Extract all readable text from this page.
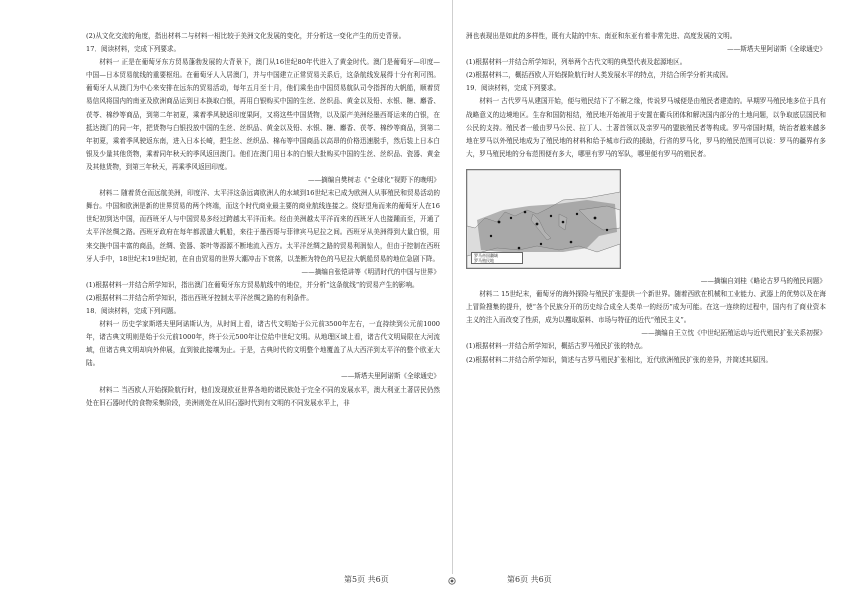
(2)从文化交流的角度，指出材料二与材料一相比较于美洲文化发展的变化，并分析这一变化产生的历史背景。

17．阅读材料，完成下列要求。

材料一 正是在葡萄牙东方贸易蓬勃发展的大背景下，澳门从16世纪80年代进入了黄金时代。澳门是葡萄牙—印度—中国—日本贸易航线的重要枢纽。在葡萄牙人入居澳门，并与中国建立正常贸易关系后，这条航线发展得十分有利可图。葡萄牙人从澳门为中心来安排在远东的贸易活动，每年五月至十月，他们乘坐由中国贸易航队司令指挥的大帆船，顺着贸易信风将国内的南亚及欧洲商品运到日本换取白银，再用白银购买中国的生丝、丝织品、黄金以及铅、水银、糖、麝香、茯苓、棉纱等商品，到第二年初夏，乘着季风驶返印度果阿，又将这些中国货物，以及原产美洲经墨西哥运来的白银，在抵达澳门的同一年，把货物与白银投放中国的生丝、丝织品、黄金以及铅、水银、糖、麝香、茯苓、棉纱等商品，到第二年初夏，乘着季风驶返东南，进入日本长崎，把生丝、丝织品、棉布等中国商品以高昂的价格迅速脱手，然后装上日本白银及少量其他货物，乘着同年秋天的季风返回澳门。他们在澳门用日本的白银大批购买中国的生丝、丝织品、瓷器、黄金及其他货物，到第三年秋天，再乘季风返回印度。

——摘编自樊树志《“全球化”视野下的晚明》

材料二 随着货仓而远航美洲，印度洋、太平洋这条远离欧洲人的水域到16世纪末已成为欧洲人从事殖民和贸易活动的舞台。中国和欧洲是新的世界贸易的两个终端，而这个时代商业最主要的商业航线连接之。绕好望角而来的葡萄牙人在16世纪初到达中国，而西班牙人与中国贸易多经过跨越太平洋而来。经由美洲越太平洋而来的西班牙人也接踵而至，开通了太平洋丝绸之路。西班牙政府在每年都派遣大帆船，来往于墨西哥与菲律宾马尼拉之间。西班牙从美洲得到大量白银，用来交换中国丰富的商品，丝绸、瓷器、茶叶等源源不断地流入西方。太平洋丝绸之路的贸易利润惊人，但由于控制在西班牙人手中，18世纪末19世纪初，在自由贸易的世界大潮冲击下衰落，以垄断为特色的马尼拉大帆船贸易的地位急剧下降。

——摘编自张铠讲等《明清时代的中国与世界》

(1)根据材料一并结合所学知识，指出澳门在葡萄牙东方贸易航线中的地位，并分析“这条航线”的贸易产生的影响。

(2)根据材料二并结合所学知识，指出西班牙控制太平洋丝绸之路的有利条件。

18．阅读材料，完成下列问题。

材料一 历史学家斯塔夫里阿诺斯认为，从时间上看，诸古代文明始于公元前3500年左右，一直持续到公元前1000年，诸古典文明则是始于公元前1000年，终于公元500年让位给中世纪文明。从地理区域上看，诸古代文明局限在大河流域，但诸古典文明却向外伸展，直到彼此接壤为止。于是，古典时代的文明整个地覆盖了从大西洋到太平洋的整个欧亚大陆。

——斯塔夫里阿诺斯《全球通史》

材料二 当西欧人开始探险航行时，他们发现欧亚世界各地的诸民族处于完全不同的发展水平，澳大利亚土著居民仍然处在旧石器时代的食物采集阶段，美洲则处在从旧石器时代到有文明的不同发展水平上，非

洲也表现出是如此的多样性，既有大陆的中东、南亚和东亚有着非常先进、高度发展的文明。

——斯塔夫里阿诺斯《全球通史》

(1)根据材料一并结合所学知识，列举两个古代文明的典型代表及起源地区。

(2)根据材料二，概括西欧人开始探险航行时人类发展水平的特点，并结合所学分析其成因。

19．阅读材料，完成下列要求。

材料一 古代罗马从建国开始，便与殖民结下了不解之缘，传说罗马城便是由殖民者建造的。早期罗马殖民地多位于具有战略意义的边境地区。生存和国防相结，殖民地开始被用于安置在衢兵团体和解决国内部分的土地问题，以争取底层国民和公民的支持。殖民者一般由罗马公民、拉丁人、土著首领以及亲罗马的盟族殖民者等构成。罗马帝国时期，统治者越来越多地在罗马以外殖民地成为了殖民地的材料和给予城市行政的援助，行省的罗马化，罗马的殖民范围可以说：罗马的疆界有多大，罗马殖民地的分布范围便有多大，哪里有罗马的军队，哪里便有罗马的殖民者。

罗马帝国疆域
罗马殖民地

——摘编自刘桂《略论古罗马的殖民问题》

材料二 15世纪末，葡萄牙的海外探险与殖民扩张提供一个新世界。随着西欧在机械和工业能力、武器上的优势以及在海上冒险搜集的提升，使“各个民族分开的历史综合成全人类单一的经历”成为可能。在这一连续的过程中，国内有了商业资本主义的注入而改变了性质，成为以攫取原料、市场与特征的近代“殖民主义”。

——摘编自王立忱《中世纪拓殖运动与近代殖民扩张关系初探》

(1)根据材料一并结合所学知识，概括古罗马殖民扩张的特点。

(2)根据材料二并结合所学知识，简述与古罗马殖民扩张相比，近代欧洲殖民扩张的差异，并简述其原因。

第5页 共6页	第6页 共6页
